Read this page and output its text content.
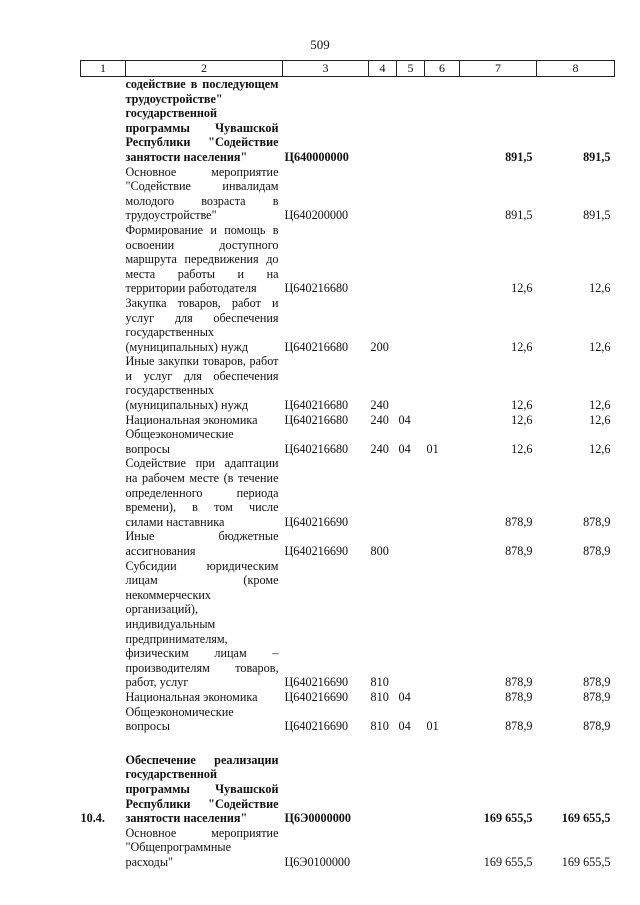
509
1	2	3	4	5	6	7	8
	содействие в последующем трудоустройстве" государственной программы Чувашской Республики "Содействие занятости населения"	Ц640000000				891,5	891,5
	Основное мероприятие "Содействие инвалидам молодого возраста в трудоустройстве"	Ц640200000				891,5	891,5
	Формирование и помощь в освоении доступного маршрута передвижения до места работы и на территории работодателя	Ц640216680				12,6	12,6
	Закупка товаров, работ и услуг для обеспечения государственных (муниципальных) нужд	Ц640216680	200			12,6	12,6
	Иные закупки товаров, работ и услуг для обеспечения государственных (муниципальных) нужд	Ц640216680	240			12,6	12,6
	Национальная экономика	Ц640216680	240	04		12,6	12,6
	Общеэкономические вопросы	Ц640216680	240	04	01	12,6	12,6
	Содействие при адаптации на рабочем месте (в течение определенного периода времени), в том числе силами наставника	Ц640216690				878,9	878,9
	Иные бюджетные ассигнования	Ц640216690	800			878,9	878,9
	Субсидии юридическим лицам (кроме некоммерческих организаций), индивидуальным предпринимателям, физическим лицам – производителям товаров, работ, услуг	Ц640216690	810			878,9	878,9
	Национальная экономика	Ц640216690	810	04		878,9	878,9
	Общеэкономические вопросы	Ц640216690	810	04	01	878,9	878,9

10.4.	Обеспечение реализации государственной программы Чувашской Республики "Содействие занятости населения"	Ц6Э0000000				169 655,5	169 655,5
	Основное мероприятие "Общепрограммные расходы"	Ц6Э0100000				169 655,5	169 655,5
